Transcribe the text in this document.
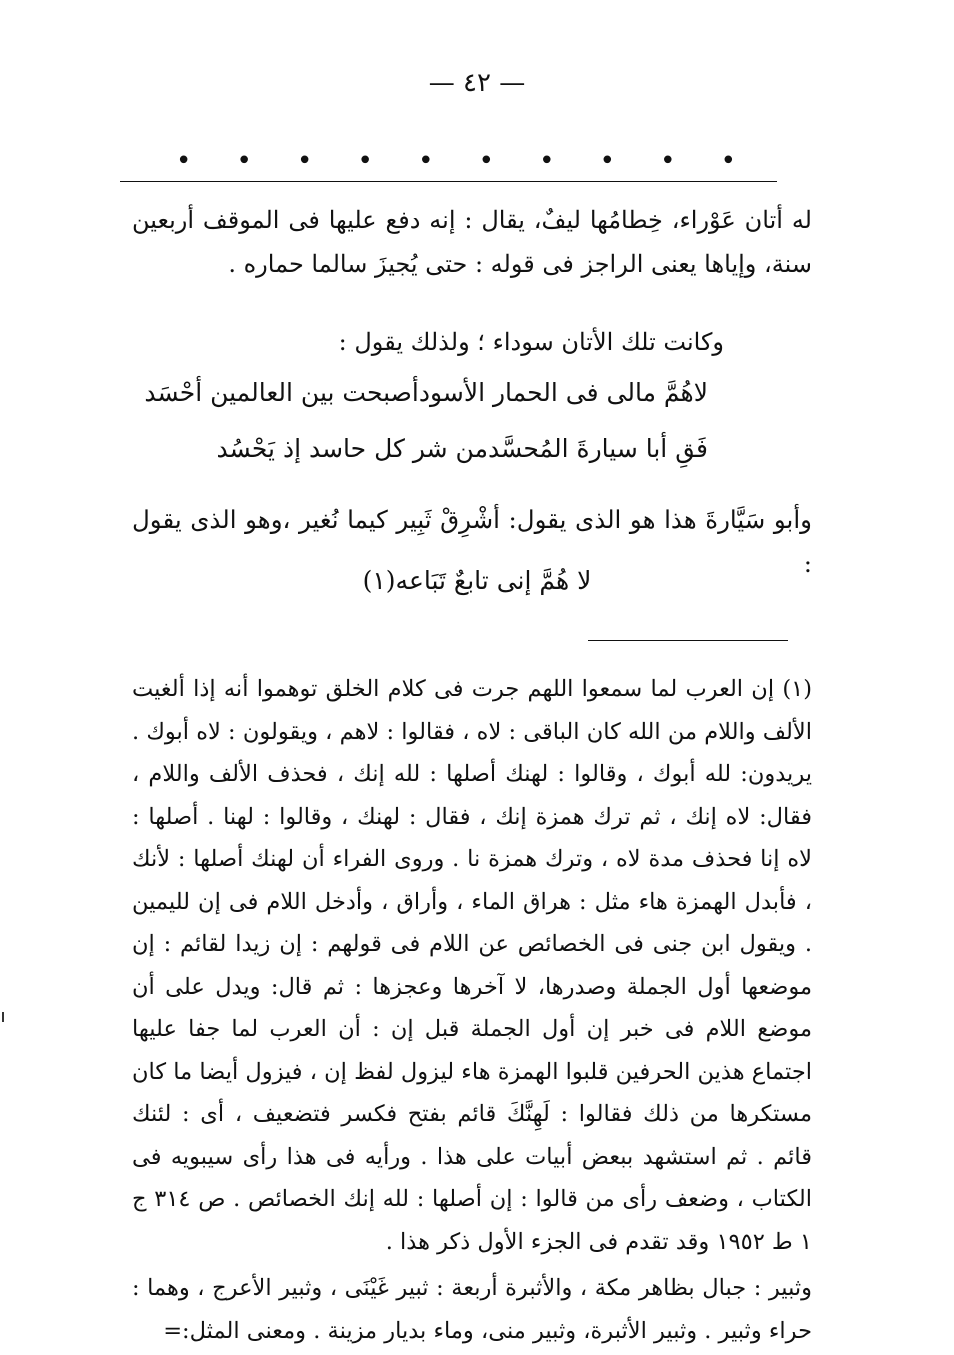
— ٤٢ —
• • • • • • • • • •
له أتان عَوْراء، خِطامُها ليفٌ، يقال : إنه دفع عليها فى الموقف أربعين سنة، وإياها يعنى الراجز فى قوله : حتى يُجيزَ سالما حماره .
وكانت تلك الأتان سوداء ؛ ولذلك يقول :
لاهُمَّ مالى فى الحمار الأسود
أصبحت بين العالمين أحْسَد
فَقِ أبا سيارةَ المُحسَّد
من شر كل حاسد إذ يَحْسُد
وأبو سَيَّارةَ هذا هو الذى يقول: أشْرِقْ ثَبِير كيما نُغير ،وهو الذى يقول :
لا هُمَّ إنى تابعٌ تَبَاعه(١)

(١) إن العرب لما سمعوا اللهم جرت فى كلام الخلق توهموا أنه إذا ألغيت الألف واللام من الله كان الباقى : لاه ، فقالوا : لاهم ، ويقولون : لاه أبوك . يريدون: لله أبوك ، وقالوا : لهنك أصلها : لله إنك ، فحذف الألف واللام ، فقال: لاه إنك ، ثم ترك همزة إنك ، فقال : لهنك ، وقالوا : لهنا . أصلها : لاه إنا فحذف مدة لاه ، وترك همزة نا . وروى الفراء أن لهنك أصلها : لأنك ، فأبدل الهمزة هاء مثل : هراق الماء ، وأراق ، وأدخل اللام فى إن لليمين . ويقول ابن جنى فى الخصائص عن اللام فى قولهم : إن زيدا لقائم : إن موضعها أول الجملة وصدرها، لا آخرها وعجزها : ثم قال: ويدل على أن موضع اللام فى خبر إن أول الجملة قبل إن : أن العرب لما جفا عليها اجتماع هذين الحرفين قلبوا الهمزة هاء ليزول لفظ إن ، فيزول أيضا ما كان مستكرها من ذلك فقالوا : لَهِنَّكَ قائم بفتح فكسر فتضعيف ، أى : لئنك قائم . ثم استشهد ببعض أبيات على هذا . ورأيه فى هذا رأى سيبويه فى الكتاب ، وضعف رأى من قالوا : إن أصلها : لله إنك الخصائص . ص ٣١٤ ج ١ ط ١٩٥٢ وقد تقدم فى الجزء الأول ذكر هذا .

وثبير : جبال بظاهر مكة ، والأثبرة أربعة : ثبير غَيْنَى ، وثبير الأعرج ، وهما : حراء وثبير . وثبير الأثبرة، وثبير منى، وماء بديار مزينة . ومعنى المثل:=
